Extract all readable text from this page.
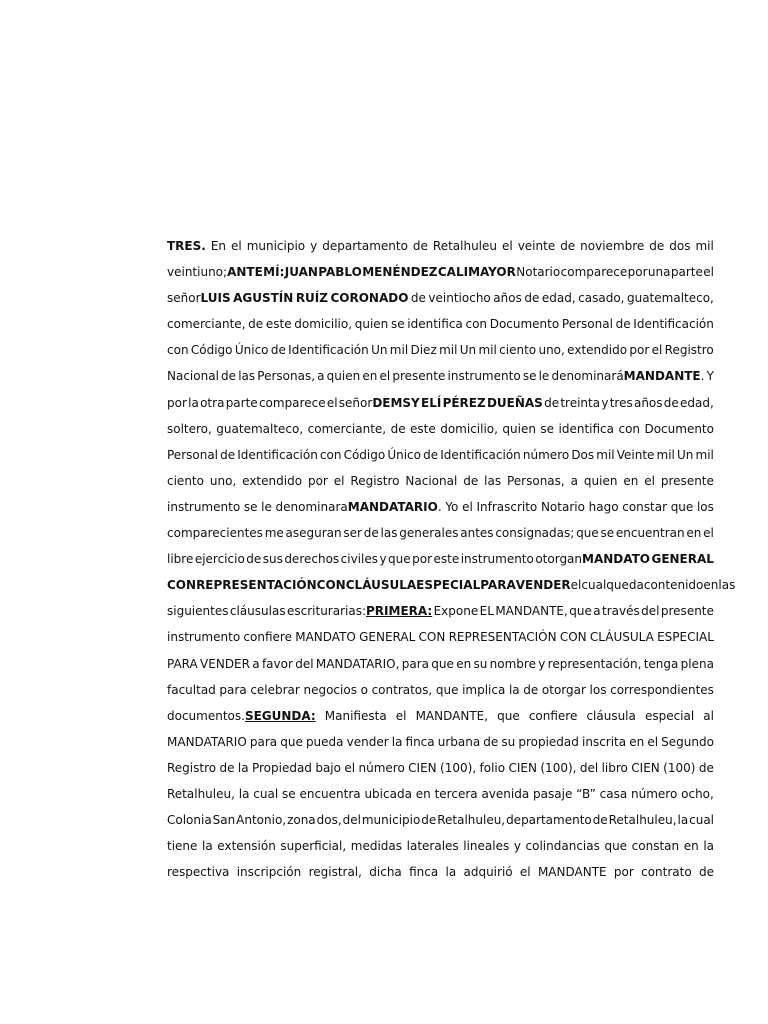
TRES. En el municipio y departamento de Retalhuleu el veinte de noviembre de dos mil
veintiuno;ANTE MÍ: JUAN PABLO MENÉNDEZ CALIMAYOR Notario comparece por una parte el
señorLUIS AGUSTÍN RUÍZ CORONADO de veintiocho años de edad, casado, guatemalteco,
comerciante, de este domicilio, quien se identifica con Documento Personal de Identificación
con Código Único de Identificación Un mil Diez mil Un mil ciento uno, extendido por el Registro
Nacional de las Personas, a quien en el presente instrumento se le denominaráMANDANTE. Y
por la otra parte comparece el señorDEMSY ELÍ PÉREZ DUEÑAS de treinta y tres años de edad,
soltero, guatemalteco, comerciante, de este domicilio, quien se identifica con Documento
Personal de Identificación con Código Único de Identificación número Dos mil Veinte mil Un mil
ciento uno, extendido por el Registro Nacional de las Personas, a quien en el presente
instrumento se le denominaraMANDATARIO. Yo el Infrascrito Notario hago constar que los
comparecientes me aseguran ser de las generales antes consignadas; que se encuentran en el
libre ejercicio de sus derechos civiles y que por este instrumento otorganMANDATO GENERAL
CON REPRESENTACIÓN CON CLÁUSULA ESPECIAL PARA VENDER el cual queda contenido en las
siguientes cláusulas escriturarias:PRIMERA: Expone EL MANDANTE, que a través del presente
instrumento confiere MANDATO GENERAL CON REPRESENTACIÓN CON CLÁUSULA ESPECIAL
PARA VENDER a favor del MANDATARIO, para que en su nombre y representación, tenga plena
facultad para celebrar negocios o contratos, que implica la de otorgar los correspondientes
documentos.SEGUNDA: Manifiesta el MANDANTE, que confiere cláusula especial al
MANDATARIO para que pueda vender la finca urbana de su propiedad inscrita en el Segundo
Registro de la Propiedad bajo el número CIEN (100), folio CIEN (100), del libro CIEN (100) de
Retalhuleu, la cual se encuentra ubicada en tercera avenida pasaje “B” casa número ocho,
Colonia San Antonio, zona dos, del municipio de Retalhuleu, departamento de Retalhuleu, la cual
tiene la extensión superficial, medidas laterales lineales y colindancias que constan en la
respectiva inscripción registral, dicha finca la adquirió el MANDANTE por contrato de
